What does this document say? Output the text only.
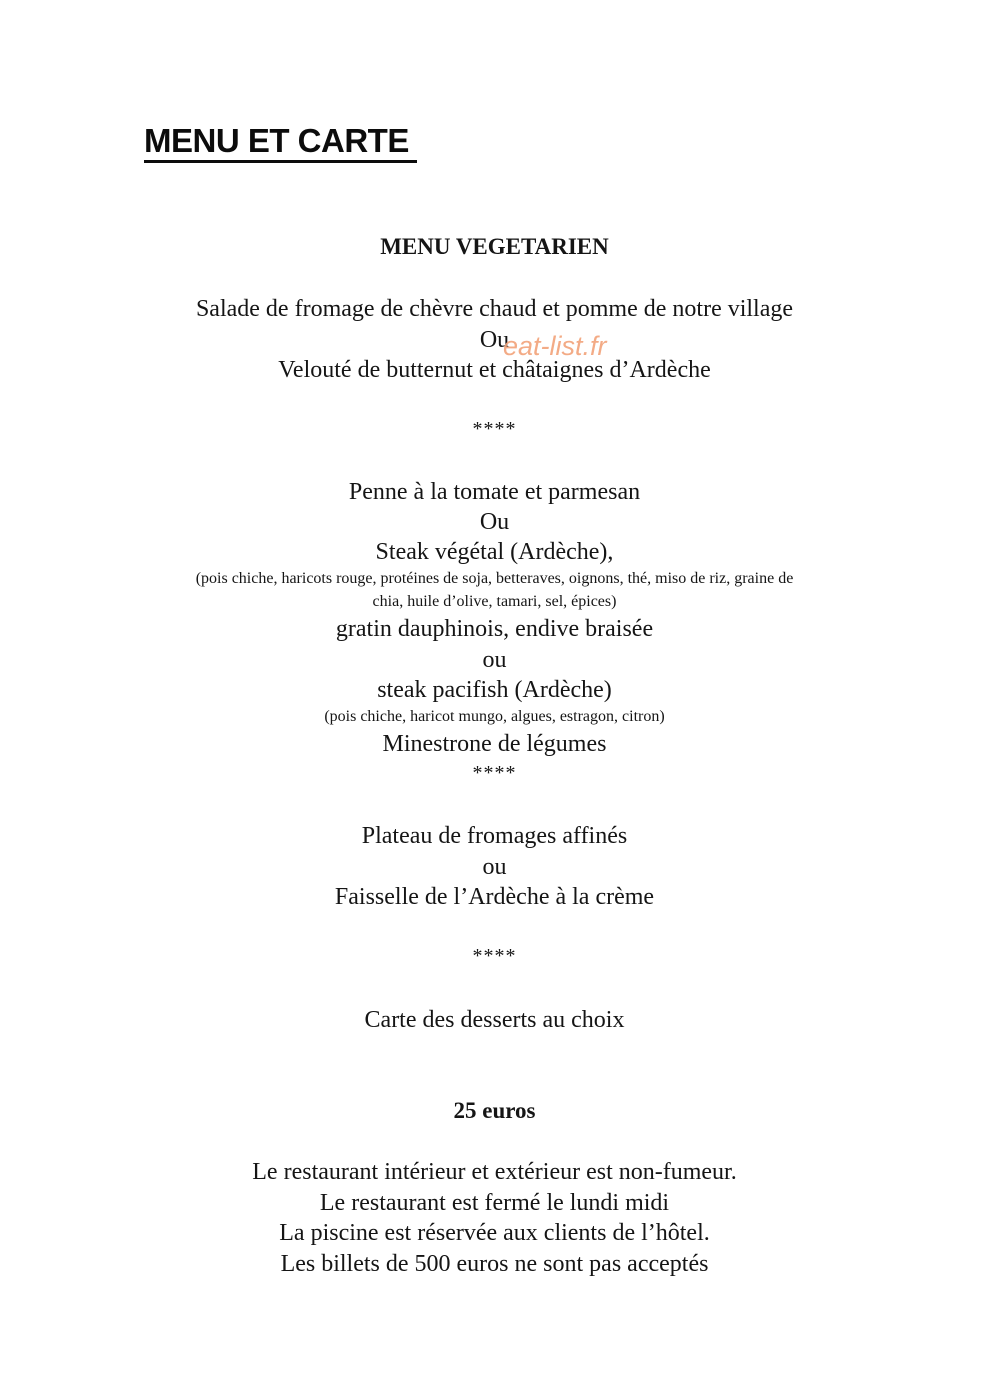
MENU ET CARTE
MENU VEGETARIEN
Salade de fromage de chèvre chaud et pomme de notre village
Ou
Velouté de butternut et châtaignes d’Ardèche
eat-list.fr
****
Penne à la tomate et parmesan
Ou
Steak végétal (Ardèche),
(pois chiche, haricots rouge, protéines de soja, betteraves, oignons, thé, miso de riz, graine de
chia, huile d’olive, tamari, sel, épices)
gratin dauphinois, endive braisée
ou
steak pacifish (Ardèche)
(pois chiche, haricot mungo, algues, estragon, citron)
Minestrone de légumes
****
Plateau de fromages affinés
ou
Faisselle de l’Ardèche à la crème
****
Carte des desserts au choix
25 euros
Le restaurant intérieur et extérieur est non-fumeur.
Le restaurant est fermé le lundi midi
La piscine est réservée aux clients de l’hôtel.
Les billets de 500 euros ne sont pas acceptés
